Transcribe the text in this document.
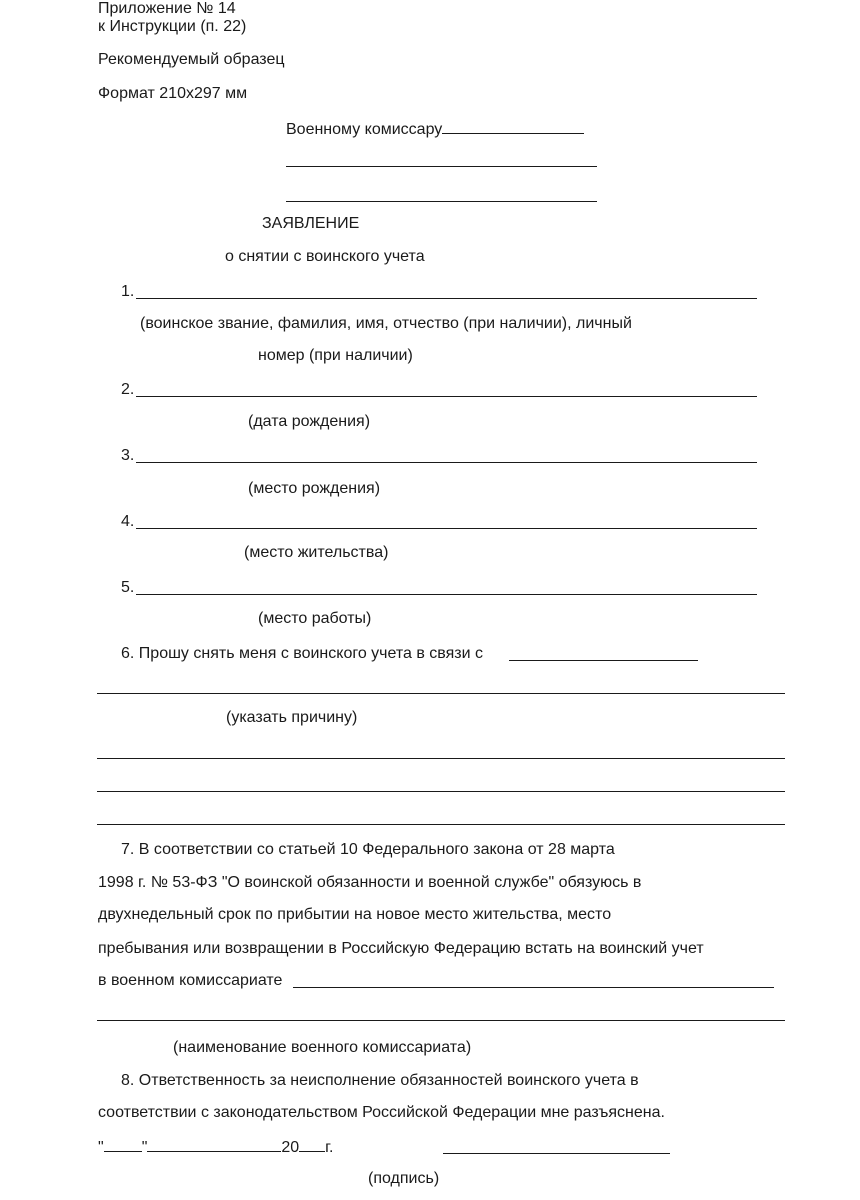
Приложение № 14
к Инструкции (п. 22)
Рекомендуемый образец
Формат 210x297 мм
Военному комиссару
ЗАЯВЛЕНИЕ
о снятии с воинского учета
1.
(воинское звание, фамилия, имя, отчество (при наличии), личный
номер (при наличии)
2.
(дата рождения)
3.
(место рождения)
4.
(место жительства)
5.
(место работы)
6. Прошу снять меня с воинского учета в связи с
(указать причину)
7. В соответствии со статьей 10 Федерального закона от 28 марта
1998 г. № 53-ФЗ "О воинской обязанности и военной службе" обязуюсь в
двухнедельный срок по прибытии на новое место жительства, место
пребывания или возвращении в Российскую Федерацию встать на воинский учет
в военном комиссариате
(наименование военного комиссариата)
8. Ответственность за неисполнение обязанностей воинского учета в
соответствии с законодательством Российской Федерации мне разъяснена.
" "	20 г.
(подпись)
